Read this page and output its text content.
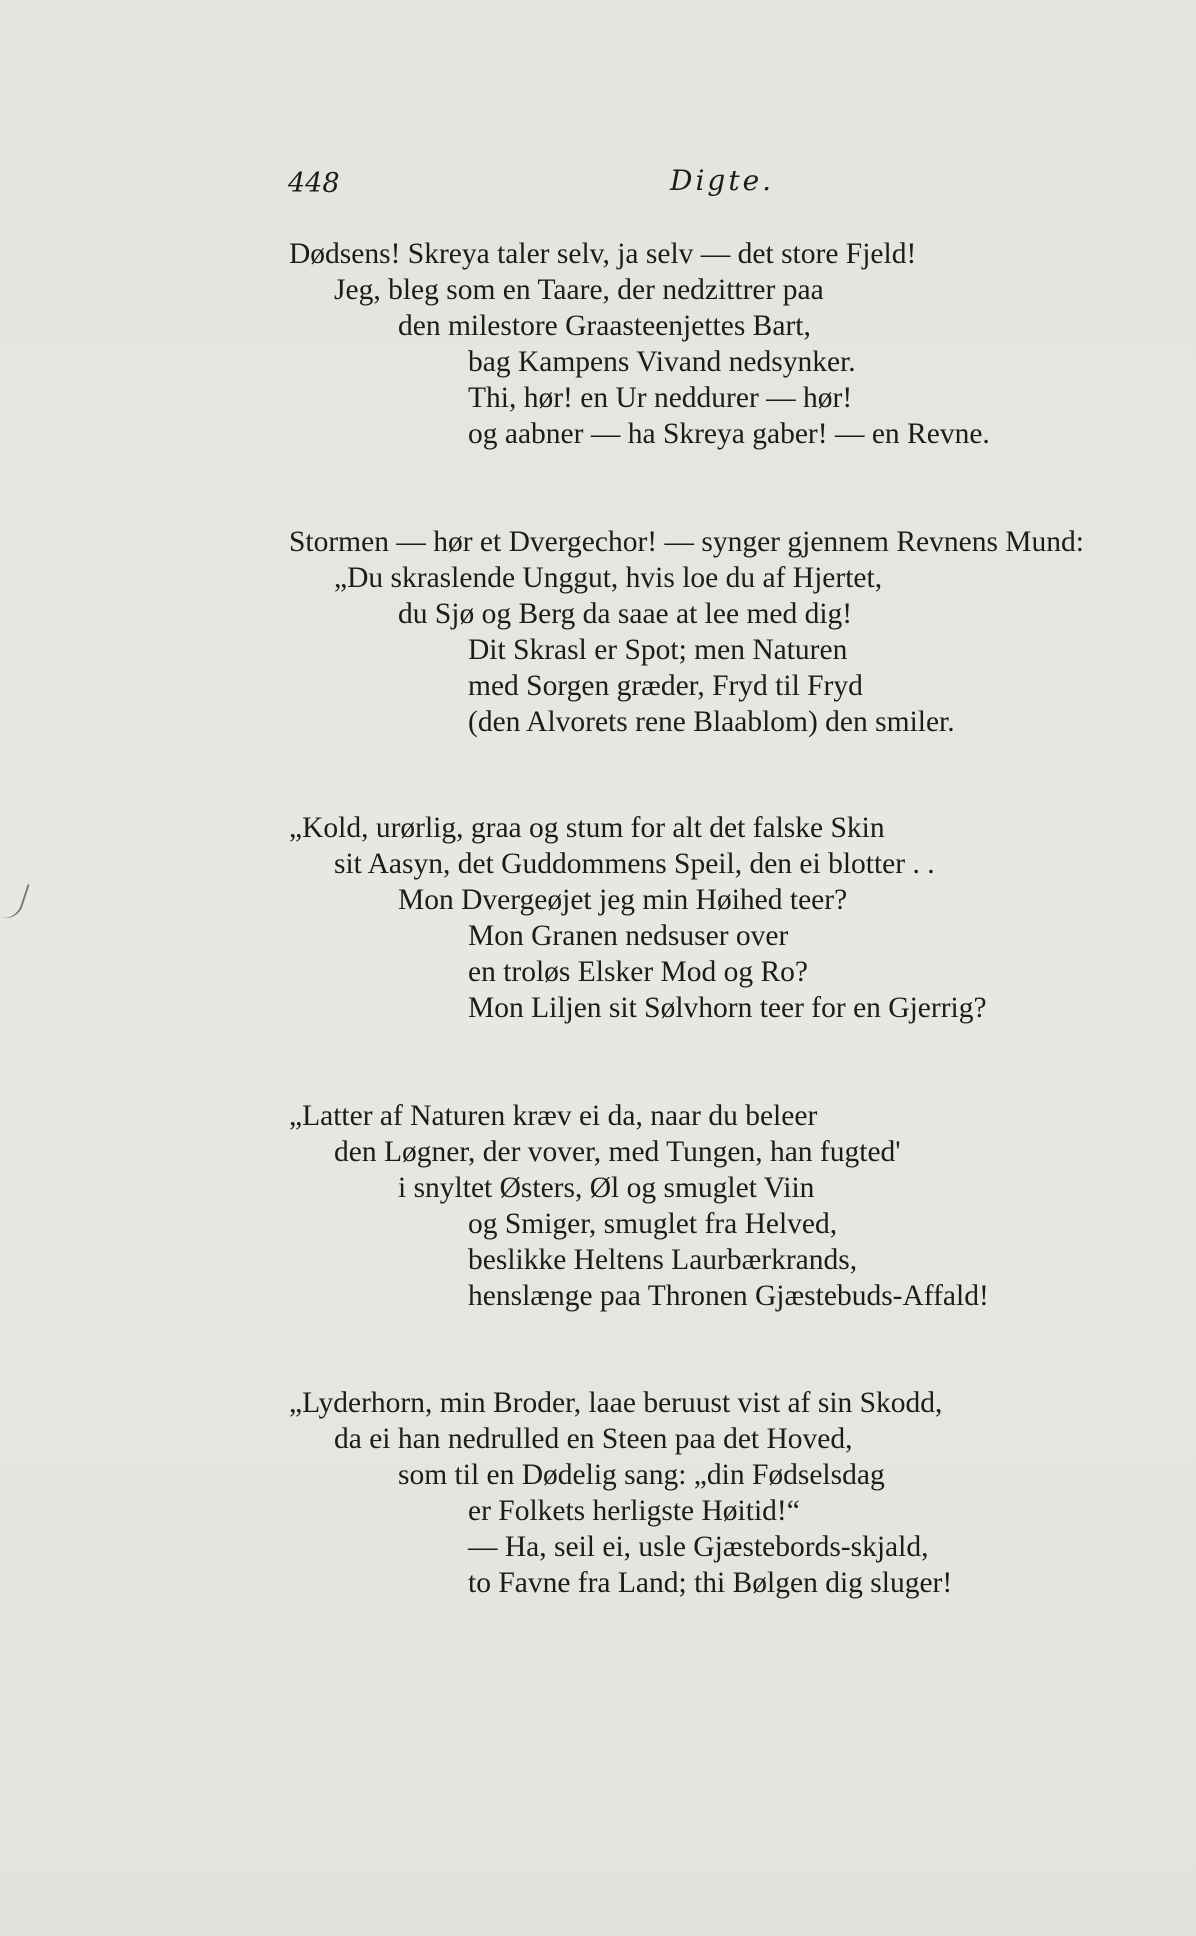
448	Digte.
Dødsens! Skreya taler selv, ja selv — det store Fjeld!
Jeg, bleg som en Taare, der nedzittrer paa
den milestore Graasteenjettes Bart,
bag Kampens Vivand nedsynker.
Thi, hør! en Ur neddurer — hør!
og aabner — ha Skreya gaber! — en Revne.
Stormen — hør et Dvergechor! — synger gjennem Revnens Mund:
„Du skraslende Unggut, hvis loe du af Hjertet,
du Sjø og Berg da saae at lee med dig!
Dit Skrasl er Spot; men Naturen
med Sorgen græder, Fryd til Fryd
(den Alvorets rene Blaablom) den smiler.
„Kold, urørlig, graa og stum for alt det falske Skin
sit Aasyn, det Guddommens Speil, den ei blotter . .
Mon Dvergeøjet jeg min Høihed teer?
Mon Granen nedsuser over
en troløs Elsker Mod og Ro?
Mon Liljen sit Sølvhorn teer for en Gjerrig?
„Latter af Naturen kræv ei da, naar du beleer
den Løgner, der vover, med Tungen, han fugted'
i snyltet Østers, Øl og smuglet Viin
og Smiger, smuglet fra Helved,
beslikke Heltens Laurbærkrands,
henslænge paa Thronen Gjæstebuds-Affald!
„Lyderhorn, min Broder, laae beruust vist af sin Skodd,
da ei han nedrulled en Steen paa det Hoved,
som til en Dødelig sang: „din Fødselsdag
er Folkets herligste Høitid!“
— Ha, seil ei, usle Gjæstebords-skjald,
to Favne fra Land; thi Bølgen dig sluger!
